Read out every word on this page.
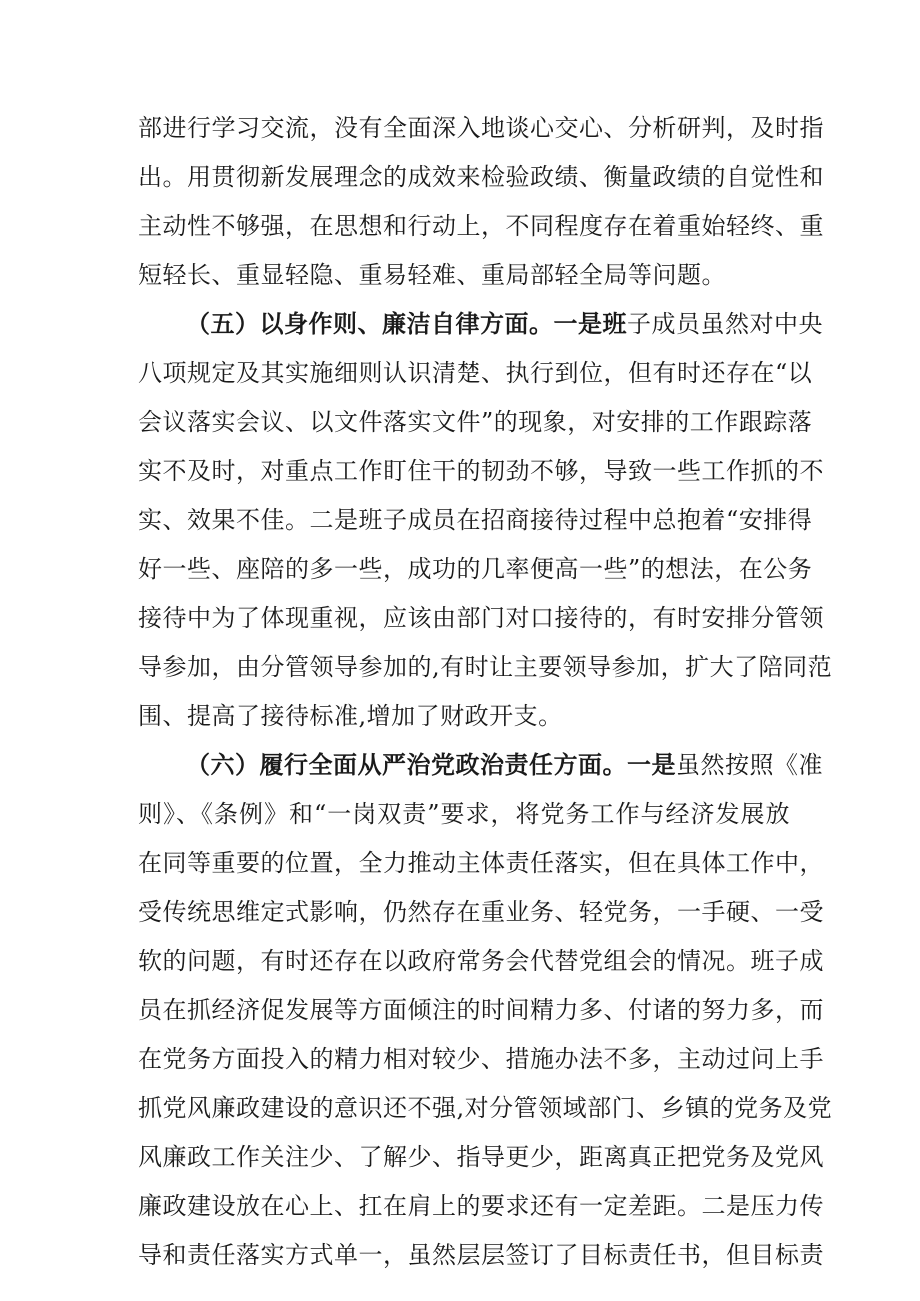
部进行学习交流，没有全面深入地谈心交心、分析研判，及时指
出。用贯彻新发展理念的成效来检验政绩、衡量政绩的自觉性和
主动性不够强，在思想和行动上，不同程度存在着重始轻终、重
短轻长、重显轻隐、重易轻难、重局部轻全局等问题。
（五）以身作则、廉洁自律方面。一是班子成员虽然对中央
八项规定及其实施细则认识清楚、执行到位，但有时还存在“以
会议落实会议、以文件落实文件”的现象，对安排的工作跟踪落
实不及时，对重点工作盯住干的韧劲不够，导致一些工作抓的不
实、效果不佳。二是班子成员在招商接待过程中总抱着“安排得
好一些、座陪的多一些，成功的几率便高一些”的想法，在公务
接待中为了体现重视，应该由部门对口接待的，有时安排分管领
导参加，由分管领导参加的,有时让主要领导参加，扩大了陪同范
围、提高了接待标准,增加了财政开支。
（六）履行全面从严治党政治责任方面。一是虽然按照《准
则》、《条例》和“一岗双责”要求，将党务工作与经济发展放
在同等重要的位置，全力推动主体责任落实，但在具体工作中，
受传统思维定式影响，仍然存在重业务、轻党务，一手硬、一受
软的问题，有时还存在以政府常务会代替党组会的情况。班子成
员在抓经济促发展等方面倾注的时间精力多、付诸的努力多，而
在党务方面投入的精力相对较少、措施办法不多，主动过问上手
抓党风廉政建设的意识还不强,对分管领域部门、乡镇的党务及党
风廉政工作关注少、了解少、指导更少，距离真正把党务及党风
廉政建设放在心上、扛在肩上的要求还有一定差距。二是压力传
导和责任落实方式单一，虽然层层签订了目标责任书，但目标责
